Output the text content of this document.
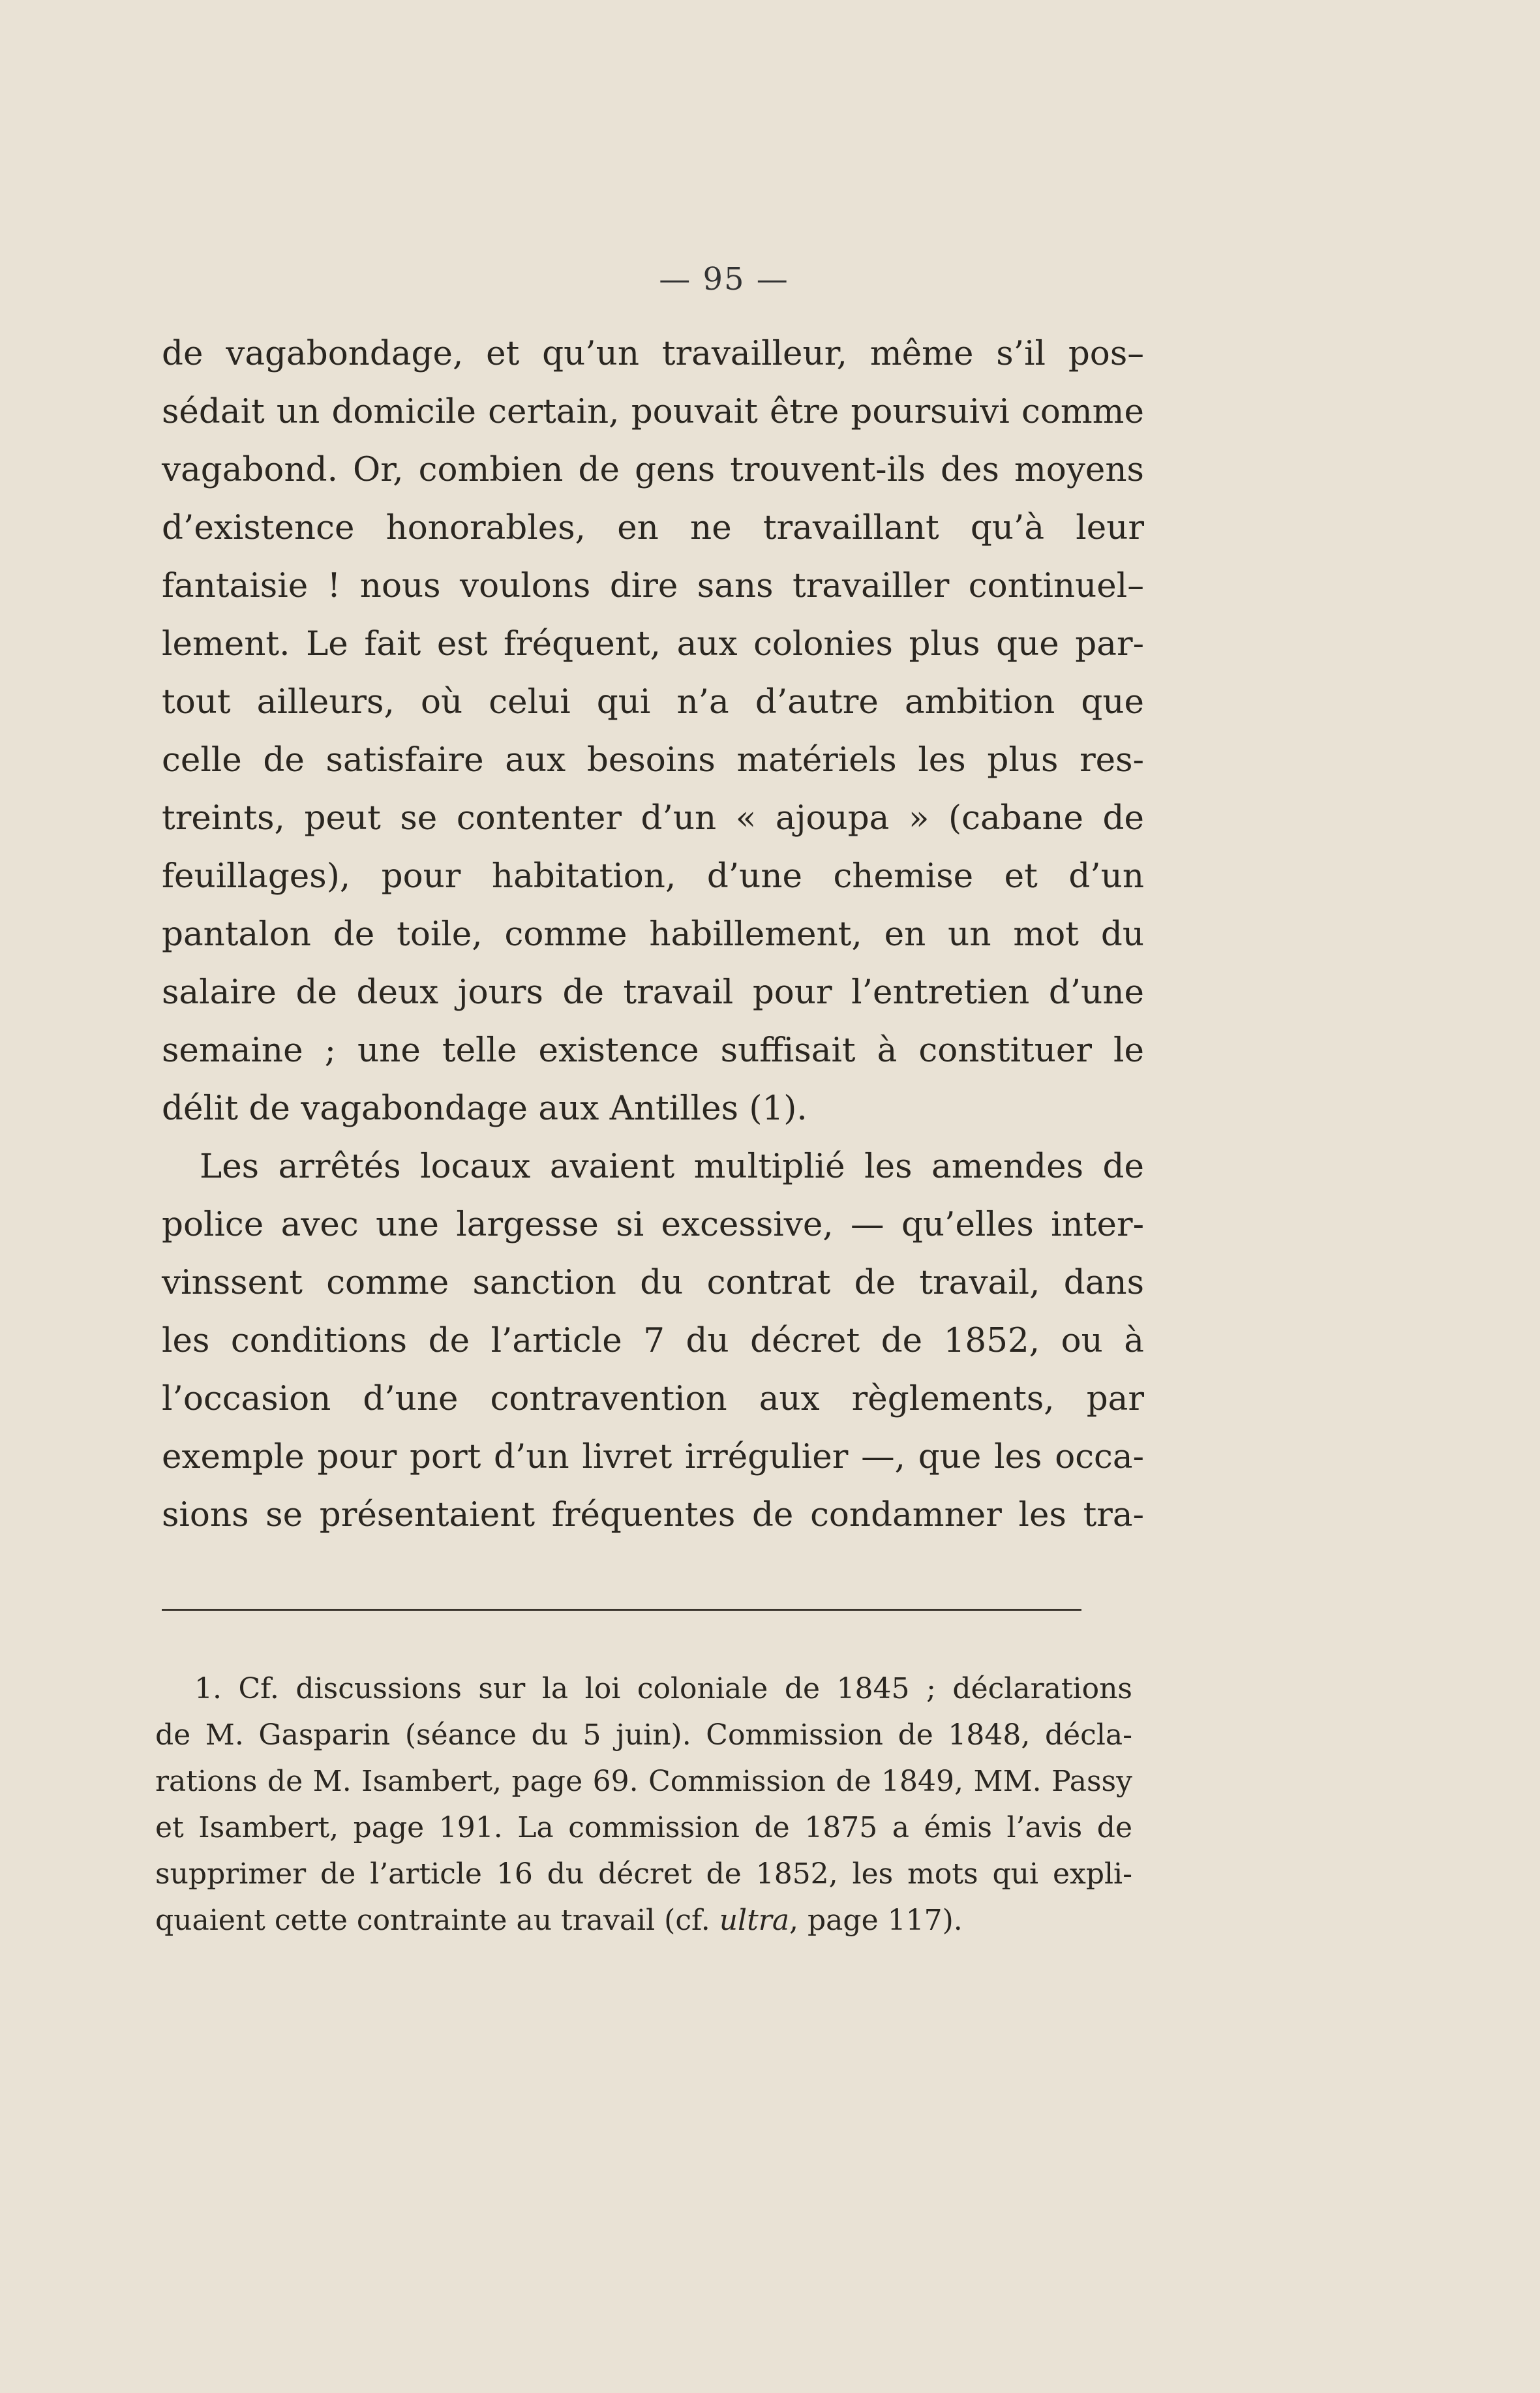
— 95 —
de vagabondage, et qu’un travailleur, même s’il pos–
sédait un domicile certain, pouvait être poursuivi comme
vagabond. Or, combien de gens trouvent-ils des moyens
d’existence honorables, en ne travaillant qu’à leur
fantaisie ! nous voulons dire sans travailler continuel–
lement. Le fait est fréquent, aux colonies plus que par-
tout ailleurs, où celui qui n’a d’autre ambition que
celle de satisfaire aux besoins matériels les plus res-
treints, peut se contenter d’un « ajoupa » (cabane de
feuillages), pour habitation, d’une chemise et d’un
pantalon de toile, comme habillement, en un mot du
salaire de deux jours de travail pour l’entretien d’une
semaine ; une telle existence suffisait à constituer le
délit de vagabondage aux Antilles (1).
Les arrêtés locaux avaient multiplié les amendes de
police avec une largesse si excessive, — qu’elles inter-
vinssent comme sanction du contrat de travail, dans
les conditions de l’article 7 du décret de 1852, ou à
l’occasion d’une contravention aux règlements, par
exemple pour port d’un livret irrégulier —, que les occa-
sions se présentaient fréquentes de condamner les tra-
1. Cf. discussions sur la loi coloniale de 1845 ; déclarations
de M. Gasparin (séance du 5 juin). Commission de 1848, décla-
rations de M. Isambert, page 69. Commission de 1849, MM. Passy
et Isambert, page 191. La commission de 1875 a émis l’avis de
supprimer de l’article 16 du décret de 1852, les mots qui expli-
quaient cette contrainte au travail (cf. ultra, page 117).
